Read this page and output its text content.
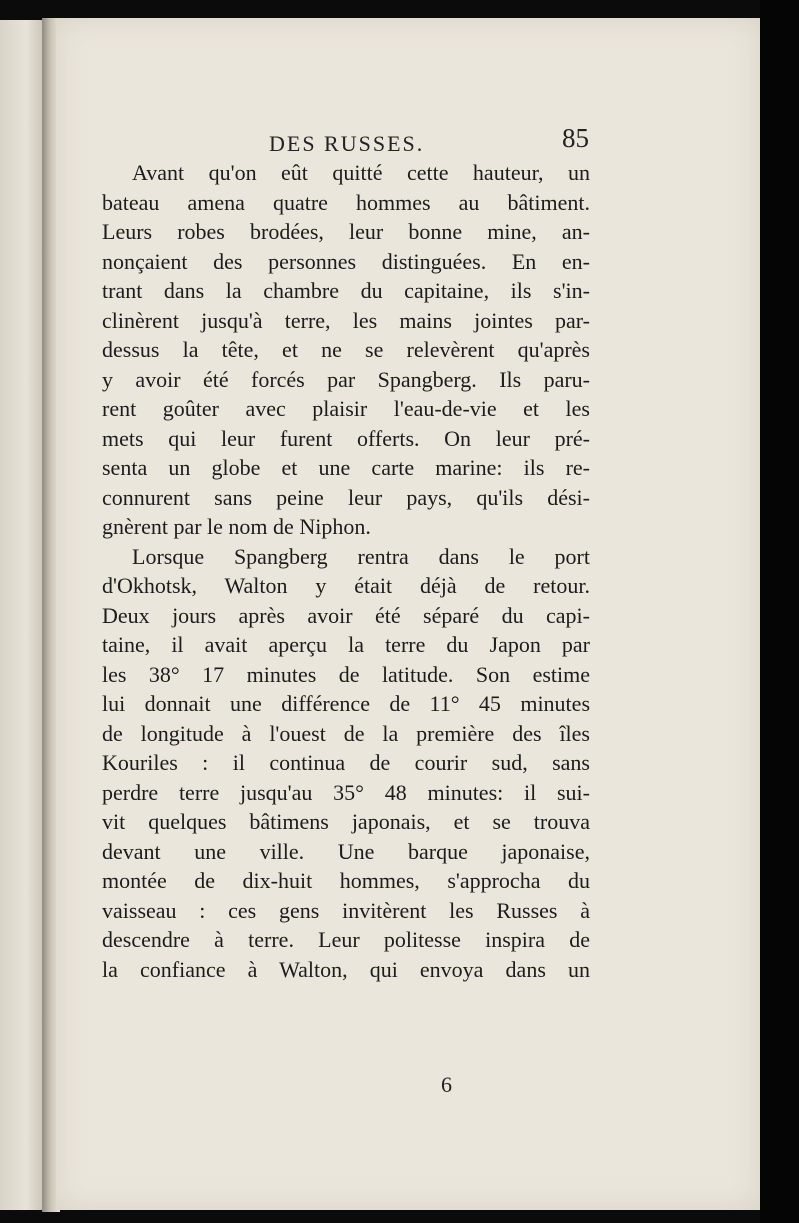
DES RUSSES.	85
Avant qu'on eût quitté cette hauteur, un
bateau amena quatre hommes au bâtiment.
Leurs robes brodées, leur bonne mine, an-
nonçaient des personnes distinguées. En en-
trant dans la chambre du capitaine, ils s'in-
clinèrent jusqu'à terre, les mains jointes par-
dessus la tête, et ne se relevèrent qu'après
y avoir été forcés par Spangberg. Ils paru-
rent goûter avec plaisir l'eau-de-vie et les
mets qui leur furent offerts. On leur pré-
senta un globe et une carte marine: ils re-
connurent sans peine leur pays, qu'ils dési-
gnèrent par le nom de Niphon.
Lorsque Spangberg rentra dans le port
d'Okhotsk, Walton y était déjà de retour.
Deux jours après avoir été séparé du capi-
taine, il avait aperçu la terre du Japon par
les 38° 17 minutes de latitude. Son estime
lui donnait une différence de 11° 45 minutes
de longitude à l'ouest de la première des îles
Kouriles : il continua de courir sud, sans
perdre terre jusqu'au 35° 48 minutes: il sui-
vit quelques bâtimens japonais, et se trouva
devant une ville. Une barque japonaise,
montée de dix-huit hommes, s'approcha du
vaisseau : ces gens invitèrent les Russes à
descendre à terre. Leur politesse inspira de
la confiance à Walton, qui envoya dans un
6
